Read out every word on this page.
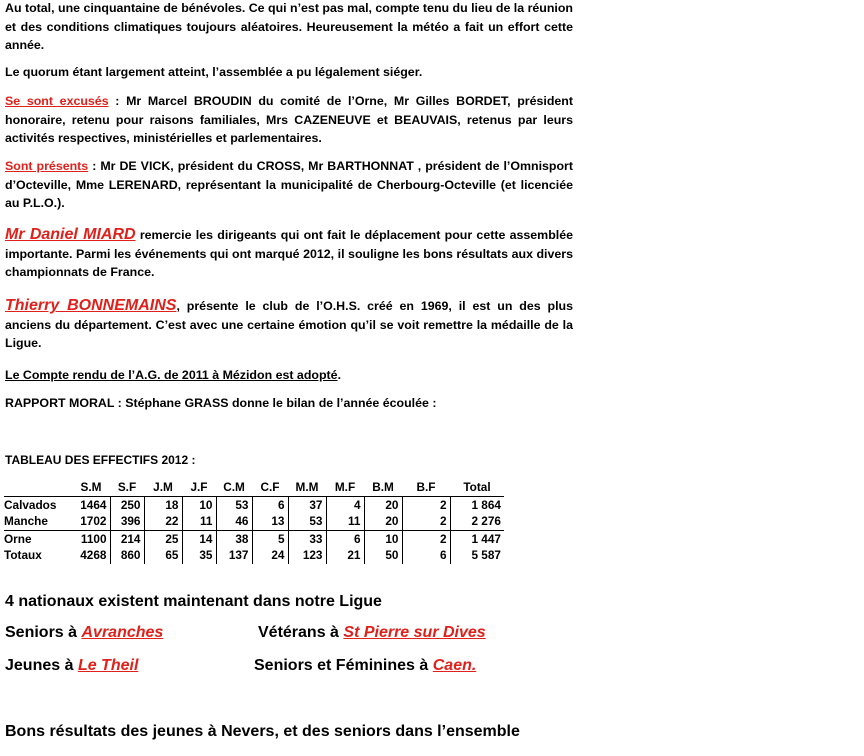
Au total, une cinquantaine de bénévoles. Ce qui n’est pas mal, compte tenu du lieu de la réunion et des conditions climatiques toujours aléatoires. Heureusement la météo a fait un effort cette année.

Le quorum étant largement atteint, l’assemblée a pu légalement siéger.

Se sont excusés : Mr Marcel BROUDIN du comité de l’Orne, Mr Gilles BORDET, président honoraire, retenu pour raisons familiales, Mrs CAZENEUVE et BEAUVAIS, retenus par leurs activités respectives, ministérielles et parlementaires.

Sont présents : Mr DE VICK, président du CROSS, Mr BARTHONNAT , président de l’Omnisport d’Octeville, Mme LERENARD, représentant la municipalité de Cherbourg-Octeville (et licenciée au P.L.O.).

Mr Daniel MIARD remercie les dirigeants qui ont fait le déplacement pour cette assemblée importante. Parmi les événements qui ont marqué 2012, il souligne les bons résultats aux divers championnats de France.

Thierry BONNEMAINS, présente le club de l’O.H.S. créé en 1969, il est un des plus anciens du département. C’est avec une certaine émotion qu’il se voit remettre la médaille de la Ligue.

Le Compte rendu de l’A.G. de 2011 à Mézidon est adopté.

RAPPORT MORAL : Stéphane GRASS donne le bilan de l’année écoulée :

TABLEAU DES EFFECTIFS 2012 :

	S.M	S.F	J.M	J.F	C.M	C.F	M.M	M.F	B.M	B.F	Total
Calvados	1464	250	18	10	53	6	37	4	20	2	1 864
Manche	1702	396	22	11	46	13	53	11	20	2	2 276
Orne	1100	214	25	14	38	5	33	6	10	2	1 447
Totaux	4268	860	65	35	137	24	123	21	50	6	5 587

4 nationaux existent maintenant dans notre Ligue

Seniors à Avranches	Vétérans à St Pierre sur Dives

Jeunes à Le Theil	Seniors et Féminines à Caen.

Bons résultats des jeunes à Nevers, et des seniors dans l’ensemble
